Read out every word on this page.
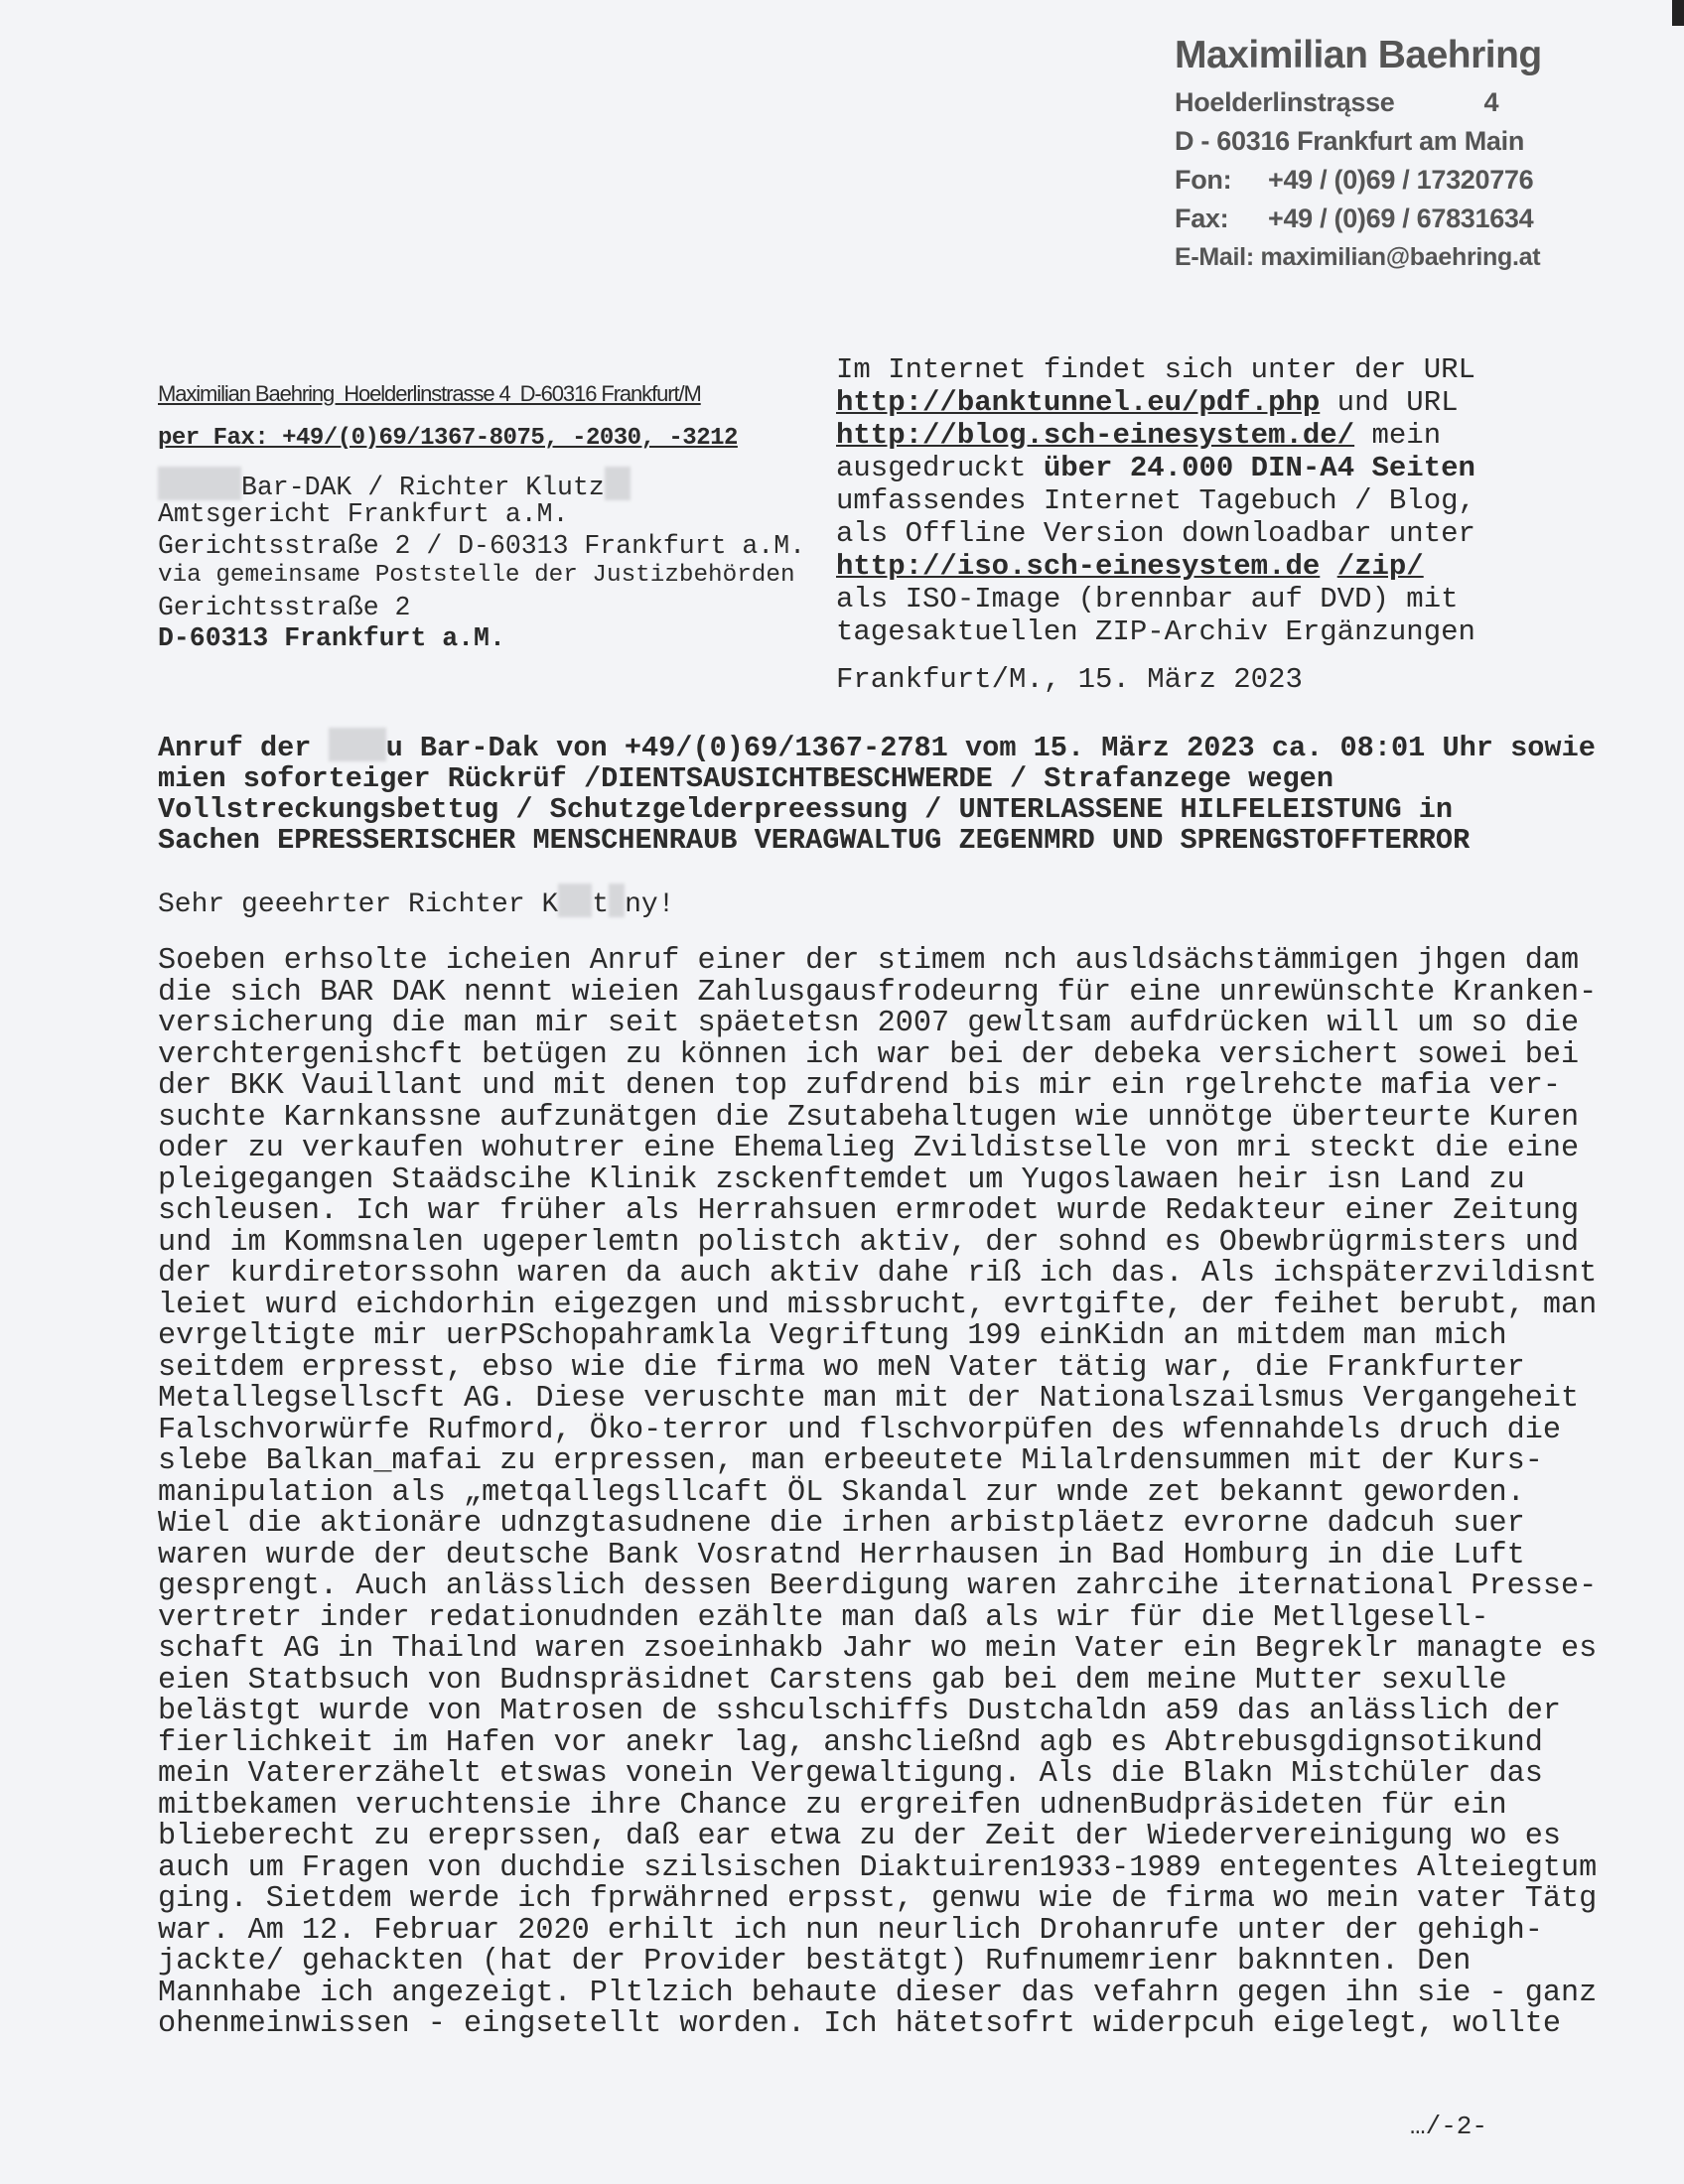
Maximilian Baehring
Hoelderlinstrąsse	4
D - 60316 Frankfurt am Main
Fon: +49 / (0)69 / 17320776
Fax: +49 / (0)69 / 67831634
E-Mail: maximilian@baehring.at
Maximilian Baehring  Hoelderlinstrasse 4  D-60316 Frankfurt/M
per Fax: +49/(0)69/1367-8075, -2030, -3212
Bar-DAK / Richter Klutz
Amtsgericht Frankfurt a.M.
Gerichtsstraße 2 / D-60313 Frankfurt a.M.
via gemeinsame Poststelle der Justizbehörden
Gerichtsstraße 2
D-60313 Frankfurt a.M.
Im Internet findet sich unter der URL
http://banktunnel.eu/pdf.php und URL
http://blog.sch-einesystem.de/ mein
ausgedruckt über 24.000 DIN-A4 Seiten
umfassendes Internet Tagebuch / Blog,
als Offline Version downloadbar unter
http://iso.sch-einesystem.de /zip/
als ISO-Image (brennbar auf DVD) mit
tagesaktuellen ZIP-Archiv Ergänzungen
Frankfurt/M., 15. März 2023
Anruf der u Bar-Dak von +49/(0)69/1367-2781 vom 15. März 2023 ca. 08:01 Uhr sowie
mien soforteiger Rückrüf /DIENTSAUSICHTBESCHWERDE / Strafanzege wegen
Vollstreckungsbettug / Schutzgelderpreessung / UNTERLASSENE HILFELEISTUNG in
Sachen EPRESSERISCHER MENSCHENRAUB VERAGWALTUG ZEGENMRD UND SPRENGSTOFFTERROR
Sehr geeehrter Richter K t ny!
Soeben erhsolte icheien Anruf einer der stimem nch ausldsächstämmigen jhgen dam
die sich BAR DAK nennt wieien Zahlusgausfrodeurng für eine unrewünschte Kranken-
versicherung die man mir seit späetetsn 2007 gewltsam aufdrücken will um so die
verchtergenishcft betügen zu können ich war bei der debeka versichert sowei bei
der BKK Vauillant und mit denen top zufdrend bis mir ein rgelrehcte mafia ver-
suchte Karnkanssne aufzunätgen die Zsutabehaltugen wie unnötge überteurte Kuren
oder zu verkaufen wohutrer eine Ehemalieg Zvildistselle von mri steckt die eine
pleigegangen Staädscihe Klinik zsckenftemdet um Yugoslawaen heir isn Land zu
schleusen. Ich war früher als Herrahsuen ermrodet wurde Redakteur einer Zeitung
und im Kommsnalen ugeperlemtn polistch aktiv, der sohnd es Obewbrügrmisters und
der kurdiretorssohn waren da auch aktiv dahe riß ich das. Als ichspäterzvildisnt
leiet wurd eichdorhin eigezgen und missbrucht, evrtgifte, der feihet berubt, man
evrgeltigte mir uerPSchopahramkla Vegriftung 199 einKidn an mitdem man mich
seitdem erpresst, ebso wie die firma wo meN Vater tätig war, die Frankfurter
Metallegsellscft AG. Diese veruschte man mit der Nationalszailsmus Vergangeheit
Falschvorwürfe Rufmord, Öko-terror und flschvorpüfen des wfennahdels druch die
slebe Balkan_mafai zu erpressen, man erbeeutete Milalrdensummen mit der Kurs-
manipulation als „metqallegsllcaft ÖL Skandal zur wnde zet bekannt geworden.
Wiel die aktionäre udnzgtasudnene die irhen arbistpläetz evrorne dadcuh suer
waren wurde der deutsche Bank Vosratnd Herrhausen in Bad Homburg in die Luft
gesprengt. Auch anlässlich dessen Beerdigung waren zahrcihe iternational Presse-
vertretr inder redationudnden ezählte man daß als wir für die Metllgesell-
schaft AG in Thailnd waren zsoeinhakb Jahr wo mein Vater ein Begreklr managte es
eien Statbsuch von Budnspräsidnet Carstens gab bei dem meine Mutter sexulle
belästgt wurde von Matrosen de sshculschiffs Dustchaldn a59 das anlässlich der
fierlichkeit im Hafen vor anekr lag, anshcließnd agb es Abtrebusgdignsotikund
mein Vatererzähelt etswas vonein Vergewaltigung. Als die Blakn Mistchüler das
mitbekamen veruchtensie ihre Chance zu ergreifen udnenBudpräsideten für ein
blieberecht zu ereprssen, daß ear etwa zu der Zeit der Wiedervereinigung wo es
auch um Fragen von duchdie szilsischen Diaktuiren1933-1989 entegentes Alteiegtum
ging. Sietdem werde ich fprwährned erpsst, genwu wie de firma wo mein vater Tätg
war. Am 12. Februar 2020 erhilt ich nun neurlich Drohanrufe unter der gehigh-
jackte/ gehackten (hat der Provider bestätgt) Rufnumemrienr baknnten. Den
Mannhabe ich angezeigt. Pltlzich behaute dieser das vefahrn gegen ihn sie - ganz
ohenmeinwissen - eingsetellt worden. Ich hätetsofrt widerpcuh eigelegt, wollte
…/-2-
